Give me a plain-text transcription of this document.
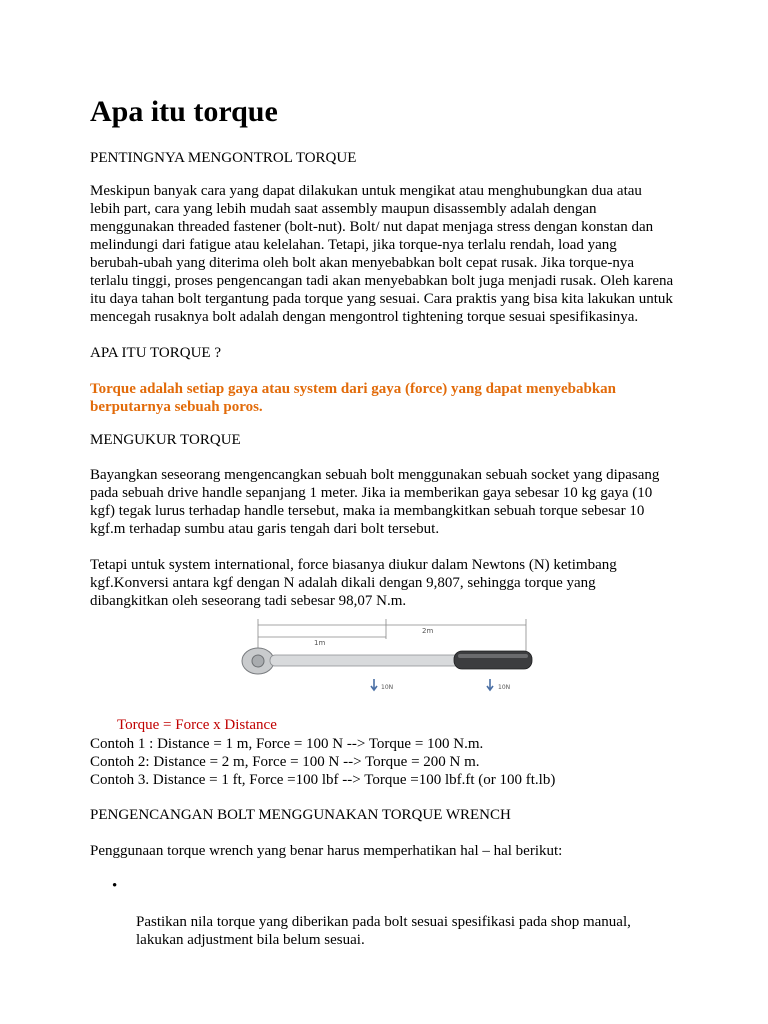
Apa itu torque

PENTINGNYA MENGONTROL TORQUE

Meskipun banyak cara yang dapat dilakukan untuk mengikat atau menghubungkan dua atau
lebih part, cara yang lebih mudah saat assembly maupun disassembly adalah dengan
menggunakan threaded fastener (bolt-nut). Bolt/ nut dapat menjaga stress dengan konstan dan
melindungi dari fatigue atau kelelahan. Tetapi, jika torque-nya terlalu rendah, load yang
berubah-ubah yang diterima oleh bolt akan menyebabkan bolt cepat rusak. Jika torque-nya
terlalu tinggi, proses pengencangan tadi akan menyebabkan bolt juga menjadi rusak. Oleh karena
itu daya tahan bolt tergantung pada torque yang sesuai. Cara praktis yang bisa kita lakukan untuk
mencegah rusaknya bolt adalah dengan mengontrol tightening torque sesuai spesifikasinya.

APA ITU TORQUE ?

Torque adalah setiap gaya atau system dari gaya (force) yang dapat menyebabkan
berputarnya sebuah poros.

MENGUKUR TORQUE

Bayangkan seseorang mengencangkan sebuah bolt menggunakan sebuah socket yang dipasang
pada sebuah drive handle sepanjang 1 meter. Jika ia memberikan gaya sebesar 10 kg gaya (10
kgf) tegak lurus terhadap handle tersebut, maka ia membangkitkan sebuah torque sebesar 10
kgf.m terhadap sumbu atau garis tengah dari bolt tersebut.

Tetapi untuk system international, force biasanya diukur dalam Newtons (N) ketimbang
kgf.Konversi antara kgf dengan N adalah dikali dengan 9,807, sehingga torque yang
dibangkitkan oleh seseorang tadi sebesar 98,07 N.m.

2m
1m
10N	10N

Torque = Force x Distance

Contoh 1 : Distance = 1 m, Force = 100 N --> Torque = 100 N.m.

Contoh 2: Distance = 2 m, Force = 100 N --> Torque = 200 N m.

Contoh 3. Distance = 1 ft, Force =100 lbf --> Torque =100 lbf.ft (or 100 ft.lb)

PENGENCANGAN BOLT MENGGUNAKAN TORQUE WRENCH

Penggunaan torque wrench yang benar harus memperhatikan hal – hal berikut:

•

Pastikan nila torque yang diberikan pada bolt sesuai spesifikasi pada shop manual,
lakukan adjustment bila belum sesuai.
